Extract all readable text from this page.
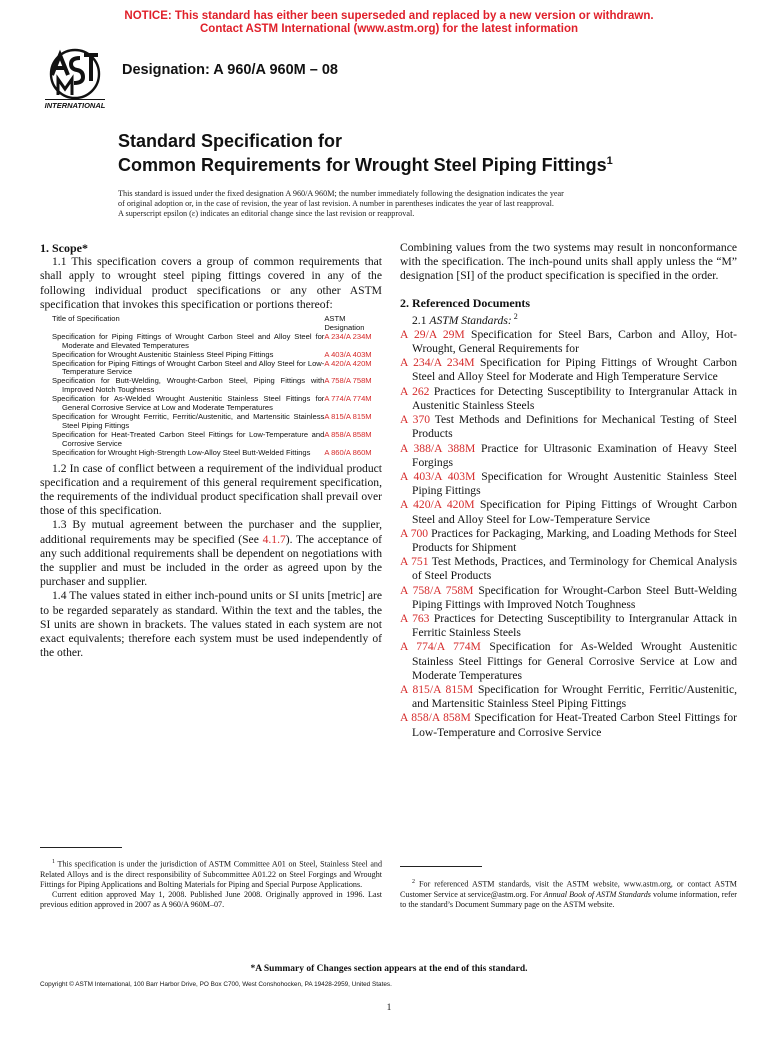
NOTICE: This standard has either been superseded and replaced by a new version or withdrawn.
Contact ASTM International (www.astm.org) for the latest information
INTERNATIONAL
Designation: A 960/A 960M – 08
Standard Specification for
Common Requirements for Wrought Steel Piping Fittings$^1$
This standard is issued under the fixed designation A 960/A 960M; the number immediately following the designation indicates the year
of original adoption or, in the case of revision, the year of last revision. A number in parentheses indicates the year of last reapproval.
A superscript epsilon (ε) indicates an editorial change since the last revision or reapproval.
1. Scope*

1.1 This specification covers a group of common requirements that shall apply to wrought steel piping fittings covered in any of the following individual product specifications or any other ASTM specification that invokes this specification or portions thereof:

Title of Specification	ASTM Designation
Specification for Piping Fittings of Wrought Carbon Steel and Alloy Steel for Moderate and Elevated Temperatures	A 234/A 234M
Specification for Wrought Austenitic Stainless Steel Piping Fittings	A 403/A 403M
Specification for Piping Fittings of Wrought Carbon Steel and Alloy Steel for Low-Temperature Service	A 420/A 420M
Specification for Butt-Welding, Wrought-Carbon Steel, Piping Fittings with Improved Notch Toughness	A 758/A 758M
Specification for As-Welded Wrought Austenitic Stainless Steel Fittings for General Corrosive Service at Low and Moderate Temperatures	A 774/A 774M
Specification for Wrought Ferritic, Ferritic/Austenitic, and Martensitic Stainless Steel Piping Fittings	A 815/A 815M
Specification for Heat-Treated Carbon Steel Fittings for Low-Temperature and Corrosive Service	A 858/A 858M
Specification for Wrought High-Strength Low-Alloy Steel Butt-Welded Fittings	A 860/A 860M

1.2 In case of conflict between a requirement of the individual product specification and a requirement of this general requirement specification, the requirements of the individual product specification shall prevail over those of this specification.

1.3 By mutual agreement between the purchaser and the supplier, additional requirements may be specified (See 4.1.7). The acceptance of any such additional requirements shall be dependent on negotiations with the supplier and must be included in the order as agreed upon by the purchaser and supplier.

1.4 The values stated in either inch-pound units or SI units [metric] are to be regarded separately as standard. Within the text and the tables, the SI units are shown in brackets. The values stated in each system are not exact equivalents; therefore each system must be used independently of the other.

Combining values from the two systems may result in nonconformance with the specification. The inch-pound units shall apply unless the “M” designation [SI] of the product specification is specified in the order.

2. Referenced Documents

2.1 ASTM Standards: $^2$

A 29/A 29M Specification for Steel Bars, Carbon and Alloy, Hot-Wrought, General Requirements for

A 234/A 234M Specification for Piping Fittings of Wrought Carbon Steel and Alloy Steel for Moderate and High Temperature Service

A 262 Practices for Detecting Susceptibility to Intergranular Attack in Austenitic Stainless Steels

A 370 Test Methods and Definitions for Mechanical Testing of Steel Products

A 388/A 388M Practice for Ultrasonic Examination of Heavy Steel Forgings

A 403/A 403M Specification for Wrought Austenitic Stainless Steel Piping Fittings

A 420/A 420M Specification for Piping Fittings of Wrought Carbon Steel and Alloy Steel for Low-Temperature Service

A 700 Practices for Packaging, Marking, and Loading Methods for Steel Products for Shipment

A 751 Test Methods, Practices, and Terminology for Chemical Analysis of Steel Products

A 758/A 758M Specification for Wrought-Carbon Steel Butt-Welding Piping Fittings with Improved Notch Toughness

A 763 Practices for Detecting Susceptibility to Intergranular Attack in Ferritic Stainless Steels

A 774/A 774M Specification for As-Welded Wrought Austenitic Stainless Steel Fittings for General Corrosive Service at Low and Moderate Temperatures

A 815/A 815M Specification for Wrought Ferritic, Ferritic/Austenitic, and Martensitic Stainless Steel Piping Fittings

A 858/A 858M Specification for Heat-Treated Carbon Steel Fittings for Low-Temperature and Corrosive Service

$^1$ This specification is under the jurisdiction of ASTM Committee A01 on Steel, Stainless Steel and Related Alloys and is the direct responsibility of Subcommittee A01.22 on Steel Forgings and Wrought Fittings for Piping Applications and Bolting Materials for Piping and Special Purpose Applications.

Current edition approved May 1, 2008. Published June 2008. Originally approved in 1996. Last previous edition approved in 2007 as A 960/A 960M–07.

$^2$ For referenced ASTM standards, visit the ASTM website, www.astm.org, or contact ASTM Customer Service at service@astm.org. For Annual Book of ASTM Standards volume information, refer to the standard’s Document Summary page on the ASTM website.

*A Summary of Changes section appears at the end of this standard.
Copyright © ASTM International, 100 Barr Harbor Drive, PO Box C700, West Conshohocken, PA 19428-2959, United States.
1
